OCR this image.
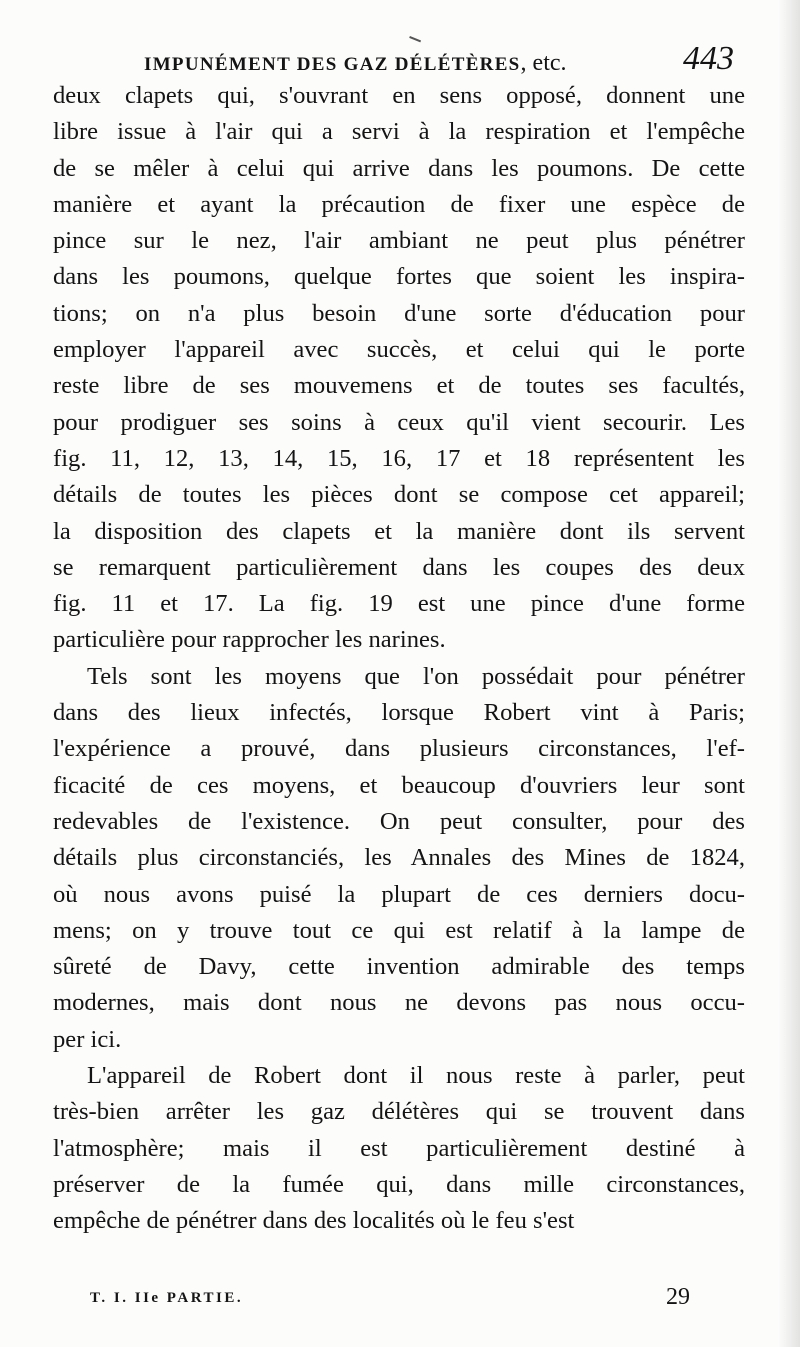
IMPUNÉMENT DES GAZ DÉLÉTÈRES, etc.	443
deux clapets qui, s'ouvrant en sens opposé, donnent une
libre issue à l'air qui a servi à la respiration et l'empêche
de se mêler à celui qui arrive dans les poumons. De cette
manière et ayant la précaution de fixer une espèce de
pince sur le nez, l'air ambiant ne peut plus pénétrer
dans les poumons, quelque fortes que soient les inspira-
tions; on n'a plus besoin d'une sorte d'éducation pour
employer l'appareil avec succès, et celui qui le porte
reste libre de ses mouvemens et de toutes ses facultés,
pour prodiguer ses soins à ceux qu'il vient secourir. Les
fig. 11, 12, 13, 14, 15, 16, 17 et 18 représentent les
détails de toutes les pièces dont se compose cet appareil;
la disposition des clapets et la manière dont ils servent
se remarquent particulièrement dans les coupes des deux
fig. 11 et 17. La fig. 19 est une pince d'une forme
particulière pour rapprocher les narines.
Tels sont les moyens que l'on possédait pour pénétrer
dans des lieux infectés, lorsque Robert vint à Paris;
l'expérience a prouvé, dans plusieurs circonstances, l'ef-
ficacité de ces moyens, et beaucoup d'ouvriers leur sont
redevables de l'existence. On peut consulter, pour des
détails plus circonstanciés, les Annales des Mines de 1824,
où nous avons puisé la plupart de ces derniers docu-
mens; on y trouve tout ce qui est relatif à la lampe de
sûreté de Davy, cette invention admirable des temps
modernes, mais dont nous ne devons pas nous occu-
per ici.
L'appareil de Robert dont il nous reste à parler, peut
très-bien arrêter les gaz délétères qui se trouvent dans
l'atmosphère; mais il est particulièrement destiné à
préserver de la fumée qui, dans mille circonstances,
empêche de pénétrer dans des localités où le feu s'est
T. I. IIe PARTIE.	29
